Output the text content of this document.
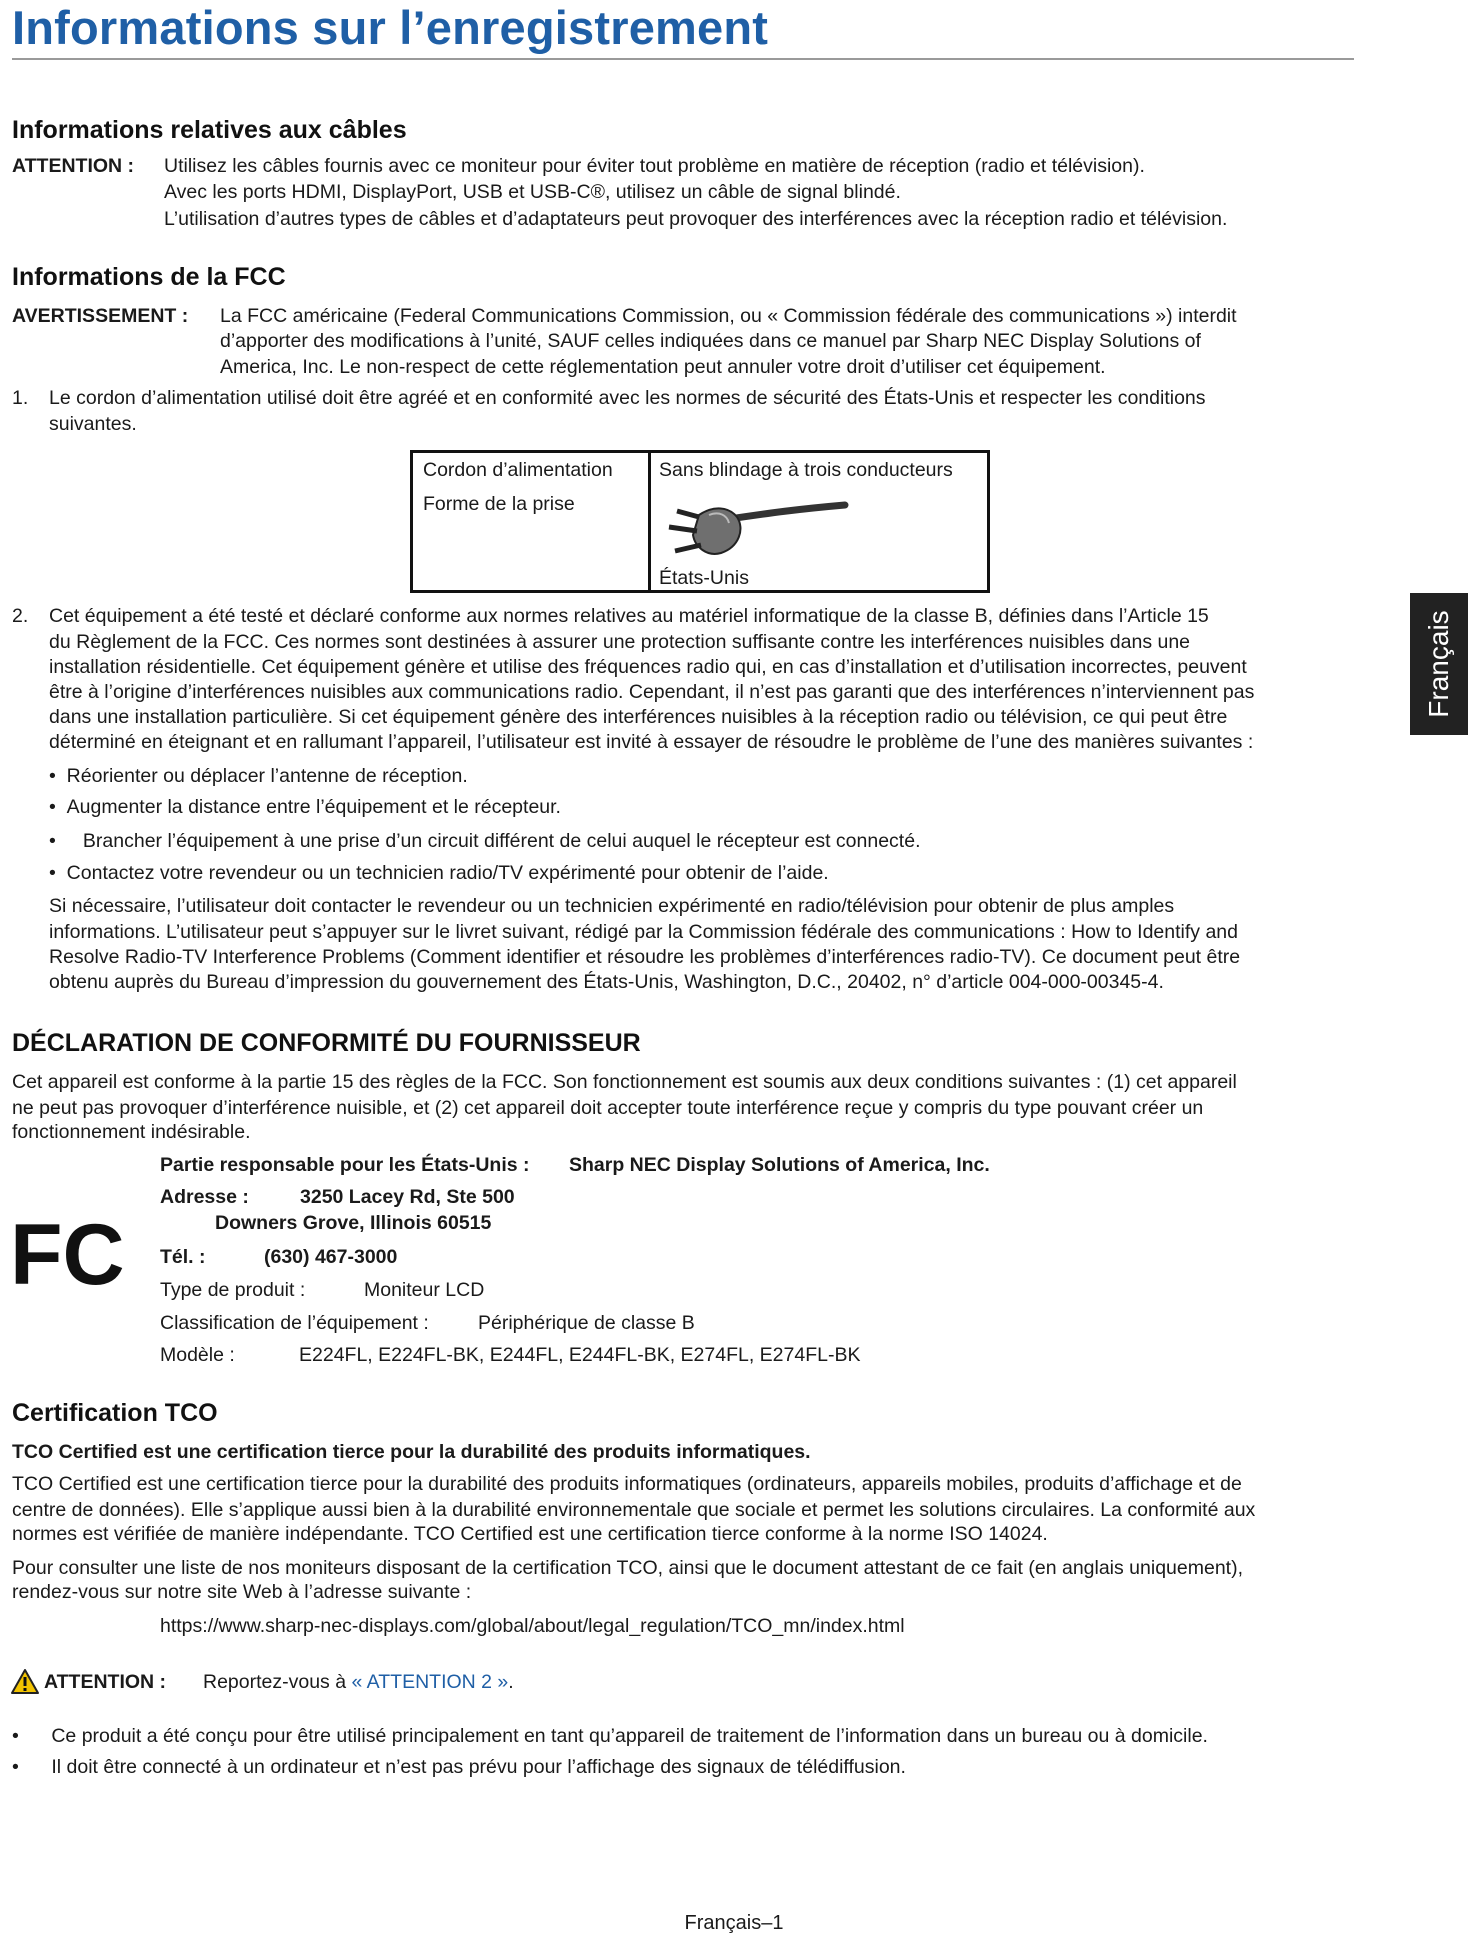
Informations sur l’enregistrement
Français
Informations relatives aux câbles
ATTENTION : Utilisez les câbles fournis avec ce moniteur pour éviter tout problème en matière de réception (radio et télévision).
Avec les ports HDMI, DisplayPort, USB et USB-C®, utilisez un câble de signal blindé.
L’utilisation d’autres types de câbles et d’adaptateurs peut provoquer des interférences avec la réception radio et télévision.
Informations de la FCC
AVERTISSEMENT : La FCC américaine (Federal Communications Commission, ou « Commission fédérale des communications ») interdit
d’apporter des modifications à l’unité, SAUF celles indiquées dans ce manuel par Sharp NEC Display Solutions of
America, Inc. Le non-respect de cette réglementation peut annuler votre droit d’utiliser cet équipement.
1. Le cordon d’alimentation utilisé doit être agréé et en conformité avec les normes de sécurité des États-Unis et respecter les conditions
suivantes.
Cordon d’alimentation Sans blindage à trois conducteurs
Forme de la prise
États-Unis
2. Cet équipement a été testé et déclaré conforme aux normes relatives au matériel informatique de la classe B, définies dans l’Article 15
du Règlement de la FCC. Ces normes sont destinées à assurer une protection suffisante contre les interférences nuisibles dans une
installation résidentielle. Cet équipement génère et utilise des fréquences radio qui, en cas d’installation et d’utilisation incorrectes, peuvent
être à l’origine d’interférences nuisibles aux communications radio. Cependant, il n’est pas garanti que des interférences n’interviennent pas
dans une installation particulière. Si cet équipement génère des interférences nuisibles à la réception radio ou télévision, ce qui peut être
déterminé en éteignant et en rallumant l’appareil, l’utilisateur est invité à essayer de résoudre le problème de l’une des manières suivantes :
•  Réorienter ou déplacer l’antenne de réception.
•  Augmenter la distance entre l’équipement et le récepteur.
•     Brancher l’équipement à une prise d’un circuit différent de celui auquel le récepteur est connecté.
•  Contactez votre revendeur ou un technicien radio/TV expérimenté pour obtenir de l’aide.
Si nécessaire, l’utilisateur doit contacter le revendeur ou un technicien expérimenté en radio/télévision pour obtenir de plus amples
informations. L’utilisateur peut s’appuyer sur le livret suivant, rédigé par la Commission fédérale des communications : How to Identify and
Resolve Radio-TV Interference Problems (Comment identifier et résoudre les problèmes d’interférences radio-TV). Ce document peut être
obtenu auprès du Bureau d’impression du gouvernement des États-Unis, Washington, D.C., 20402, n° d’article 004-000-00345-4.
DÉCLARATION DE CONFORMITÉ DU FOURNISSEUR
Cet appareil est conforme à la partie 15 des règles de la FCC. Son fonctionnement est soumis aux deux conditions suivantes : (1) cet appareil
ne peut pas provoquer d’interférence nuisible, et (2) cet appareil doit accepter toute interférence reçue y compris du type pouvant créer un
fonctionnement indésirable.
FC
Partie responsable pour les États-Unis : Sharp NEC Display Solutions of America, Inc.
Adresse :	3250 Lacey Rd, Ste 500
Downers Grove, Illinois 60515
Tél. :	(630) 467-3000
Type de produit :	Moniteur LCD
Classification de l’équipement :	Périphérique de classe B
Modèle :	E224FL, E224FL-BK, E244FL, E244FL-BK, E274FL, E274FL-BK
Certification TCO
TCO Certified est une certification tierce pour la durabilité des produits informatiques.
TCO Certified est une certification tierce pour la durabilité des produits informatiques (ordinateurs, appareils mobiles, produits d’affichage et de
centre de données). Elle s’applique aussi bien à la durabilité environnementale que sociale et permet les solutions circulaires. La conformité aux
normes est vérifiée de manière indépendante. TCO Certified est une certification tierce conforme à la norme ISO 14024.
Pour consulter une liste de nos moniteurs disposant de la certification TCO, ainsi que le document attestant de ce fait (en anglais uniquement),
rendez-vous sur notre site Web à l’adresse suivante :
https://www.sharp-nec-displays.com/global/about/legal_regulation/TCO_mn/index.html
ATTENTION : Reportez-vous à « ATTENTION 2 ».
•      Ce produit a été conçu pour être utilisé principalement en tant qu’appareil de traitement de l’information dans un bureau ou à domicile.
•      Il doit être connecté à un ordinateur et n’est pas prévu pour l’affichage des signaux de télédiffusion.
Français–1
